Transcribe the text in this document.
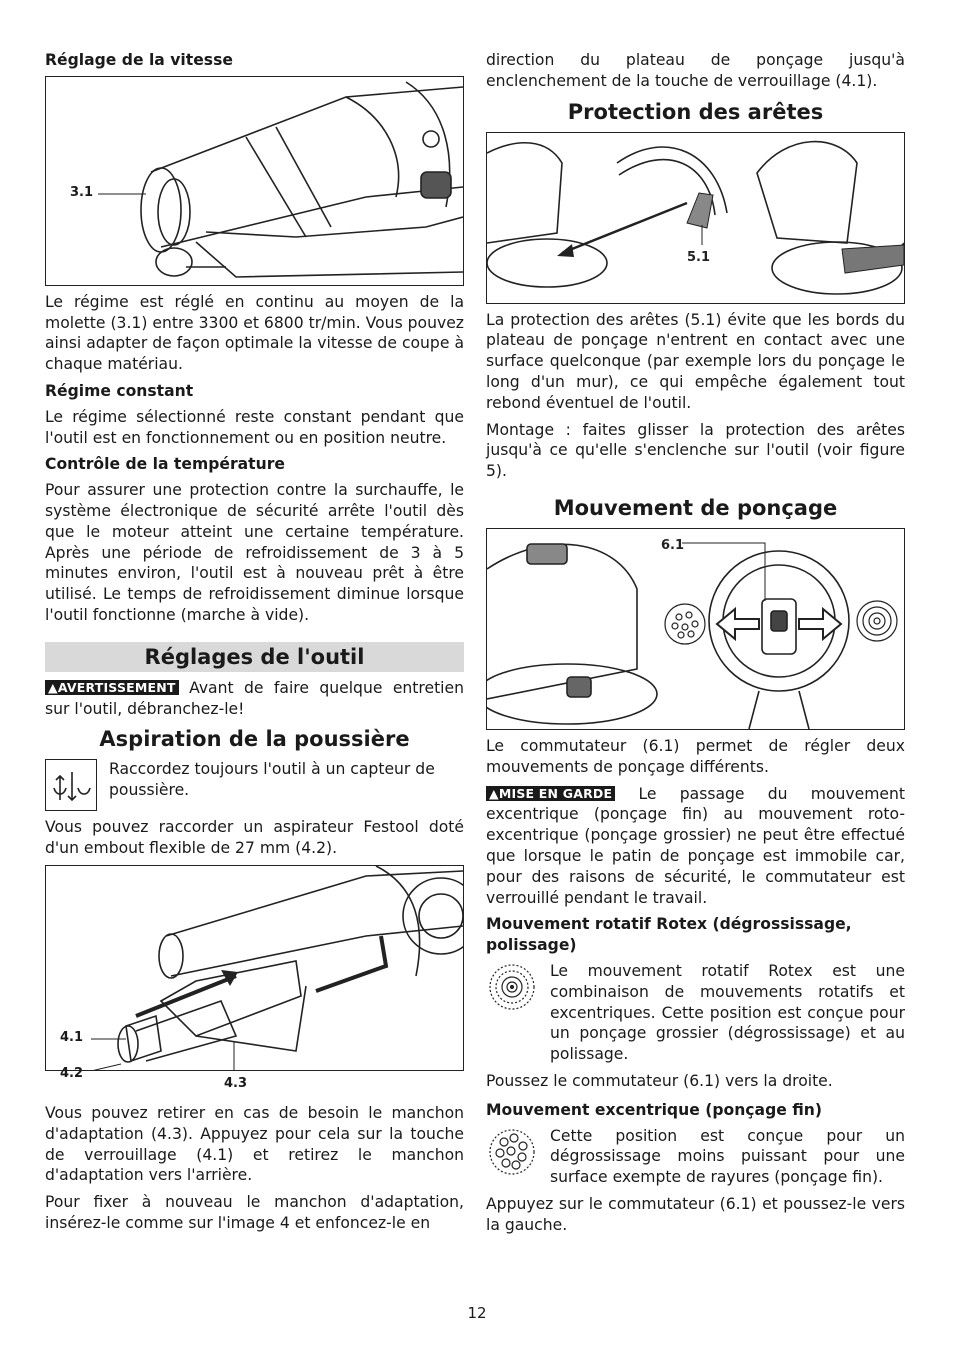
Réglage de la vitesse
3.1

Le régime est réglé en continu au moyen de la molette (3.1) entre 3300 et 6800 tr/min. Vous pouvez ainsi adapter de façon optimale la vitesse de coupe à chaque matériau.

Régime constant

Le régime sélectionné reste constant pendant que l'outil est en fonctionnement ou en position neutre.

Contrôle de la température

Pour assurer une protection contre la surchauffe, le système électronique de sécurité arrête l'outil dès que le moteur atteint une certaine température. Après une période de refroidissement de 3 à 5 minutes environ, l'outil est à nouveau prêt à être utilisé. Le temps de refroidissement diminue lorsque l'outil fonctionne (marche à vide).

Réglages de l'outil

▲AVERTISSEMENT Avant de faire quelque entretien sur l'outil, débranchez-le!

Aspiration de la poussière

Raccordez toujours l'outil à un capteur de poussière.

Vous pouvez raccorder un aspirateur Festool doté d'un embout flexible de 27 mm (4.2).

4.1
4.2
4.3

Vous pouvez retirer en cas de besoin le manchon d'adaptation (4.3). Appuyez pour cela sur la touche de verrouillage (4.1) et retirez le manchon d'adaptation vers l'arrière.

Pour fixer à nouveau le manchon d'adaptation, insérez-le comme sur l'image 4 et enfoncez-le en

direction du plateau de ponçage jusqu'à enclenchement de la touche de verrouillage (4.1).

Protection des arêtes
5.1

La protection des arêtes (5.1) évite que les bords du plateau de ponçage n'entrent en contact avec une surface quelconque (par exemple lors du ponçage le long d'un mur), ce qui empêche également tout rebond éventuel de l'outil.

Montage : faites glisser la protection des arêtes jusqu'à ce qu'elle s'enclenche sur l'outil (voir figure 5).

Mouvement de ponçage
6.1

Le commutateur (6.1) permet de régler deux mouvements de ponçage différents.

▲MISE EN GARDE Le passage du mouvement excentrique (ponçage fin) au mouvement roto-excentrique (ponçage grossier) ne peut être effectué que lorsque le patin de ponçage est immobile car, pour des raisons de sécurité, le commutateur est verrouillé pendant le travail.

Mouvement rotatif Rotex (dégrossissage, polissage)

Le mouvement rotatif Rotex est une combinaison de mouvements rotatifs et excentriques. Cette position est conçue pour un ponçage grossier (dégrossissage) et au polissage.

Poussez le commutateur (6.1) vers la droite.

Mouvement excentrique (ponçage fin)

Cette position est conçue pour un dégrossissage moins puissant pour une surface exempte de rayures (ponçage fin).

Appuyez sur le commutateur (6.1) et poussez-le vers la gauche.

12
